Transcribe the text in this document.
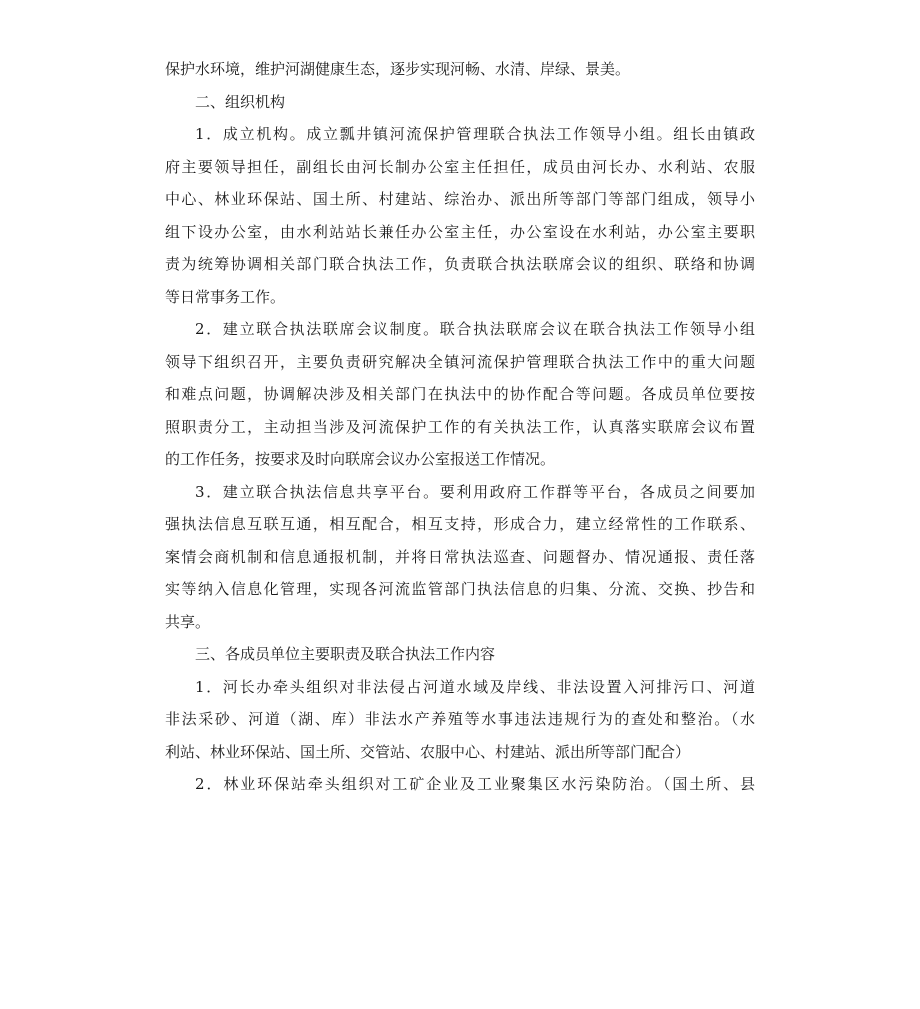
保护水环境，维护河湖健康生态，逐步实现河畅、水清、岸绿、景美。
二、组织机构
1．成立机构。成立瓢井镇河流保护管理联合执法工作领导小组。组长由镇政
府主要领导担任，副组长由河长制办公室主任担任，成员由河长办、水利站、农服
中心、林业环保站、国土所、村建站、综治办、派出所等部门等部门组成，领导小
组下设办公室，由水利站站长兼任办公室主任，办公室设在水利站，办公室主要职
责为统筹协调相关部门联合执法工作，负责联合执法联席会议的组织、联络和协调
等日常事务工作。
2．建立联合执法联席会议制度。联合执法联席会议在联合执法工作领导小组
领导下组织召开，主要负责研究解决全镇河流保护管理联合执法工作中的重大问题
和难点问题，协调解决涉及相关部门在执法中的协作配合等问题。各成员单位要按
照职责分工，主动担当涉及河流保护工作的有关执法工作，认真落实联席会议布置
的工作任务，按要求及时向联席会议办公室报送工作情况。
3．建立联合执法信息共享平台。要利用政府工作群等平台，各成员之间要加
强执法信息互联互通，相互配合，相互支持，形成合力，建立经常性的工作联系、
案情会商机制和信息通报机制，并将日常执法巡查、问题督办、情况通报、责任落
实等纳入信息化管理，实现各河流监管部门执法信息的归集、分流、交换、抄告和
共享。
三、各成员单位主要职责及联合执法工作内容
1．河长办牵头组织对非法侵占河道水域及岸线、非法设置入河排污口、河道
非法采砂、河道（湖、库）非法水产养殖等水事违法违规行为的查处和整治。（水
利站、林业环保站、国土所、交管站、农服中心、村建站、派出所等部门配合）
2．林业环保站牵头组织对工矿企业及工业聚集区水污染防治。（国土所、县
